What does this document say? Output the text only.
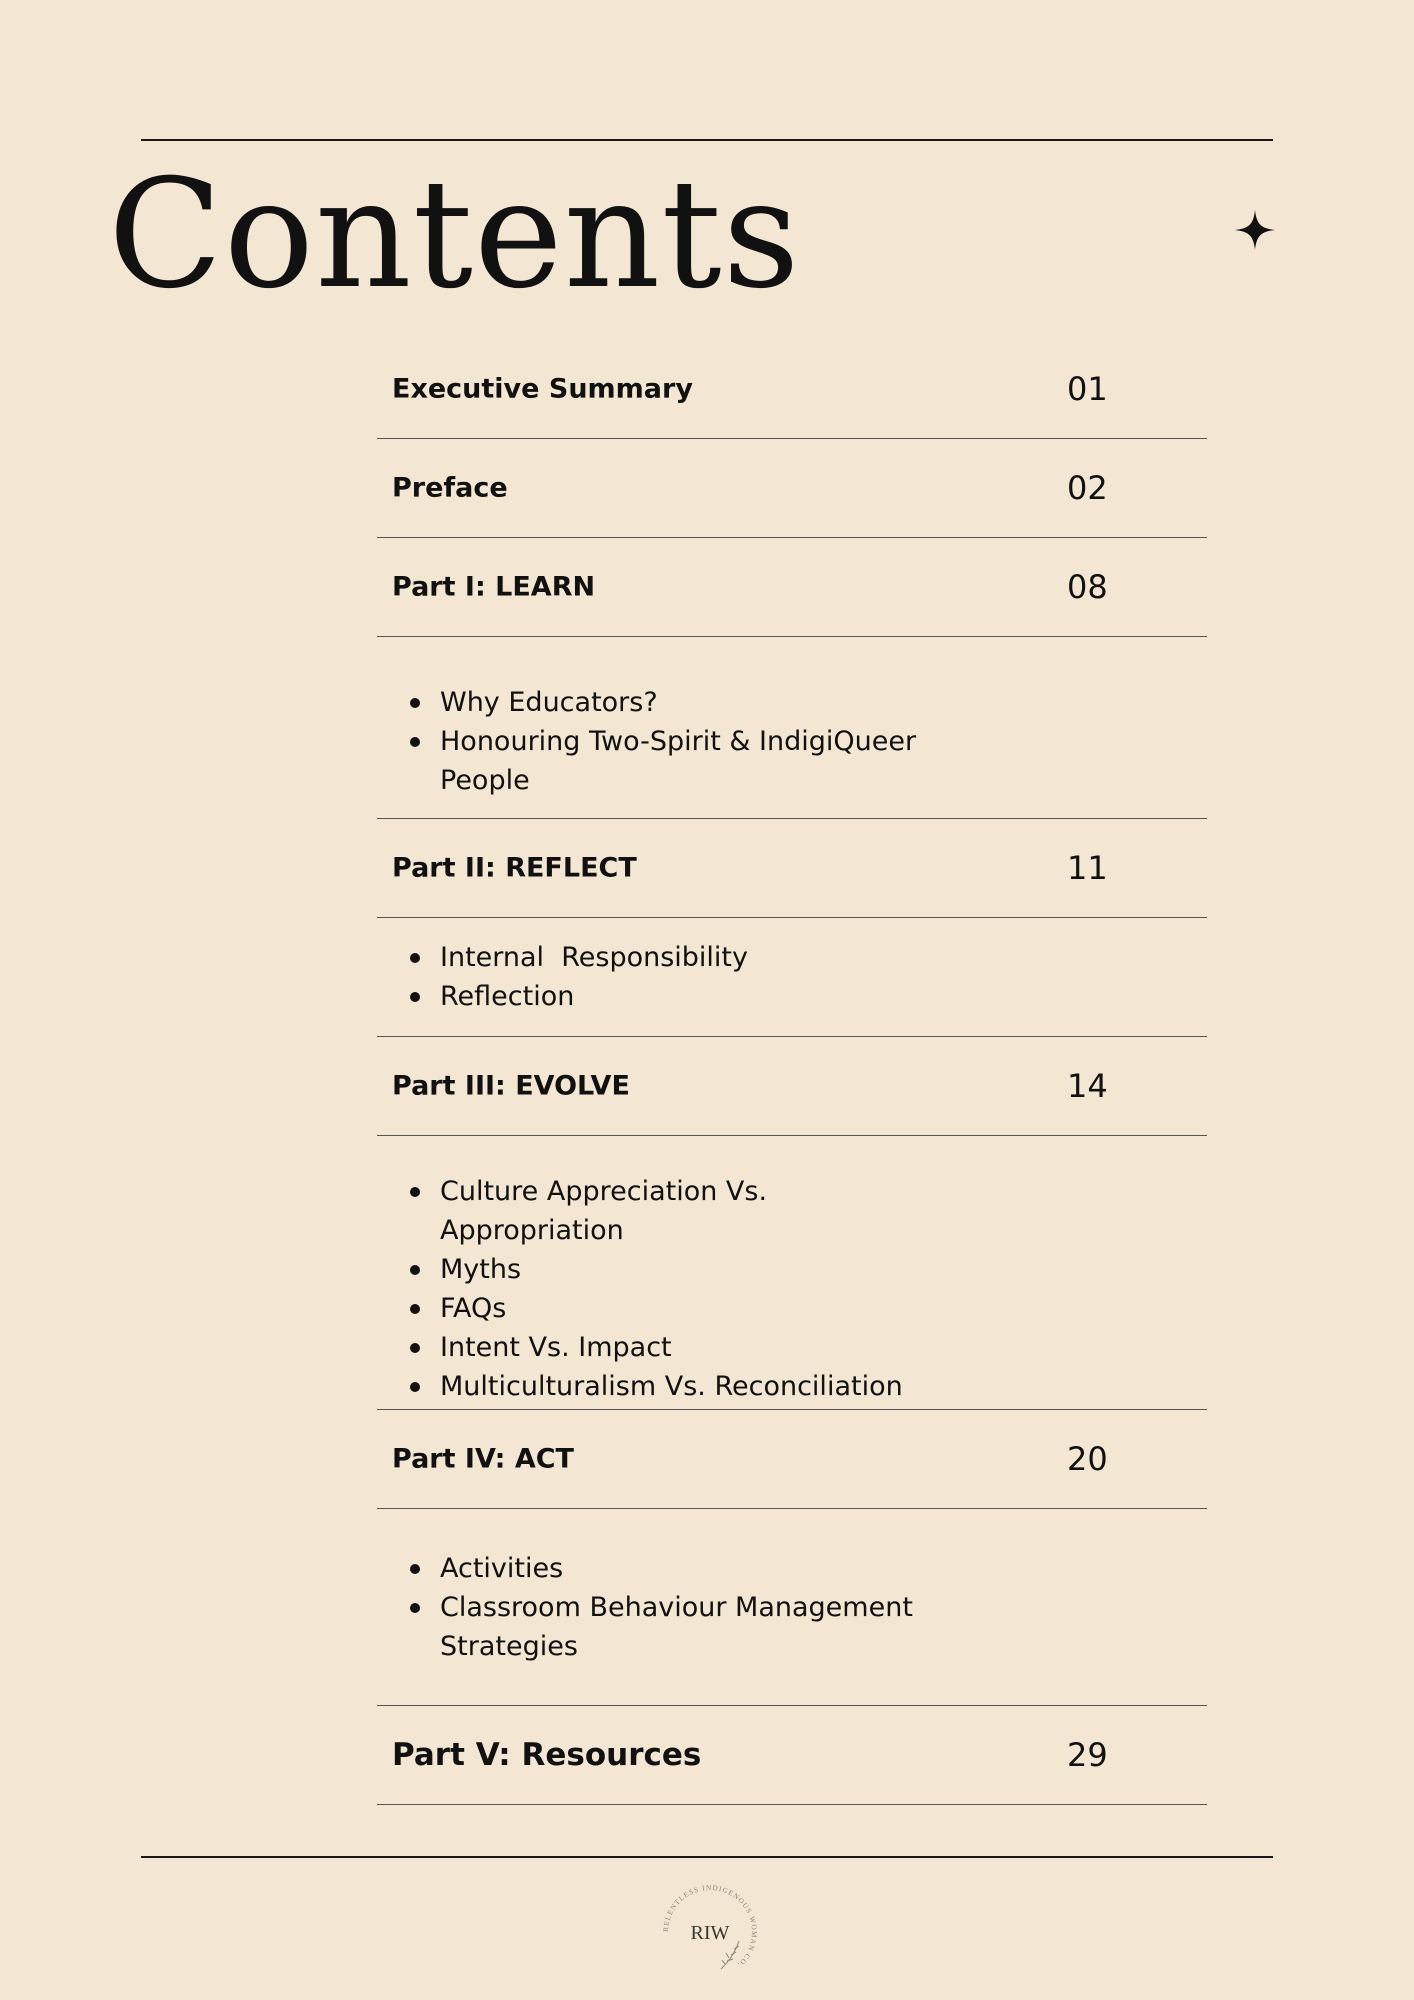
Contents
Executive Summary	01
Preface	02
Part I: LEARN	08
Why Educators?
Honouring Two-Spirit & IndigiQueer People
Part II: REFLECT	11
Internal  Responsibility
Reflection
Part III: EVOLVE	14
Culture Appreciation Vs. Appropriation
Myths
FAQs
Intent Vs. Impact
Multiculturalism Vs. Reconciliation
Part IV: ACT	20
Activities
Classroom Behaviour Management Strategies
Part V: Resources	29
RELENTLESS INDIGENOUS WOMAN CO.
RIW
